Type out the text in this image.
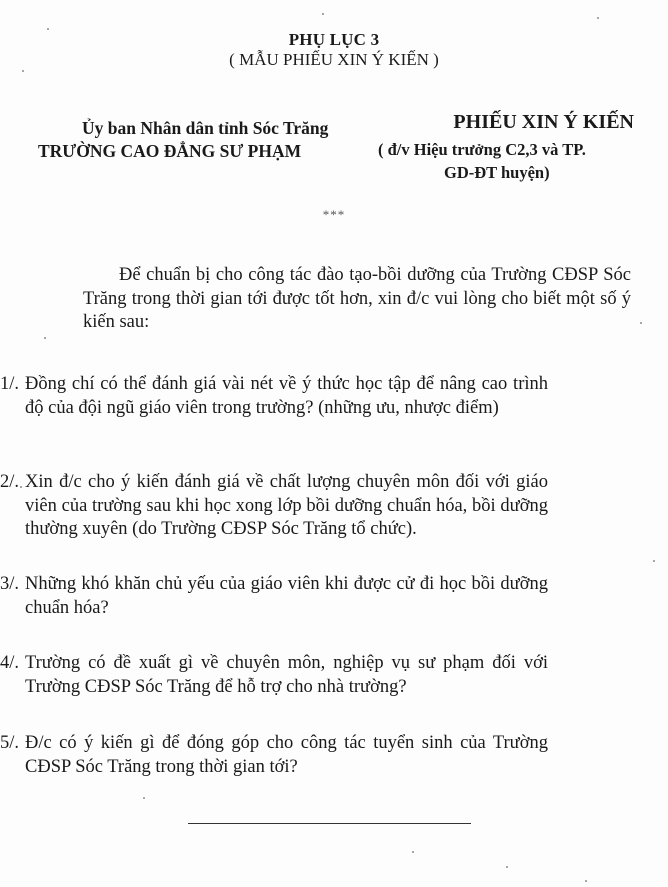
PHỤ LỤC 3
( MẪU PHIẾU XIN Ý KIẾN )
Ủy ban Nhân dân tỉnh Sóc Trăng
TRƯỜNG CAO ĐẲNG SƯ PHẠM
PHIẾU XIN Ý KIẾN
( đ/v Hiệu trưởng C2,3 và TP.
GD-ĐT huyện)
***

Để chuẩn bị cho công tác đào tạo-bồi dưỡng của Trường CĐSP Sóc Trăng trong thời gian tới được tốt hơn, xin đ/c vui lòng cho biết một số ý kiến sau:

1/. Đồng chí có thể đánh giá vài nét về ý thức học tập để nâng cao trình độ của đội ngũ giáo viên trong trường? (những ưu, nhược điểm)
2/. Xin đ/c cho ý kiến đánh giá về chất lượng chuyên môn đối với giáo viên của trường sau khi học xong lớp bồi dưỡng chuẩn hóa, bồi dưỡng thường xuyên (do Trường CĐSP Sóc Trăng tổ chức).
3/. Những khó khăn chủ yếu của giáo viên khi được cử đi học bồi dưỡng chuẩn hóa?
4/. Trường có đề xuất gì về chuyên môn, nghiệp vụ sư phạm đối với Trường CĐSP Sóc Trăng để hỗ trợ cho nhà trường?
5/. Đ/c có ý kiến gì để đóng góp cho công tác tuyển sinh của Trường CĐSP Sóc Trăng trong thời gian tới?
